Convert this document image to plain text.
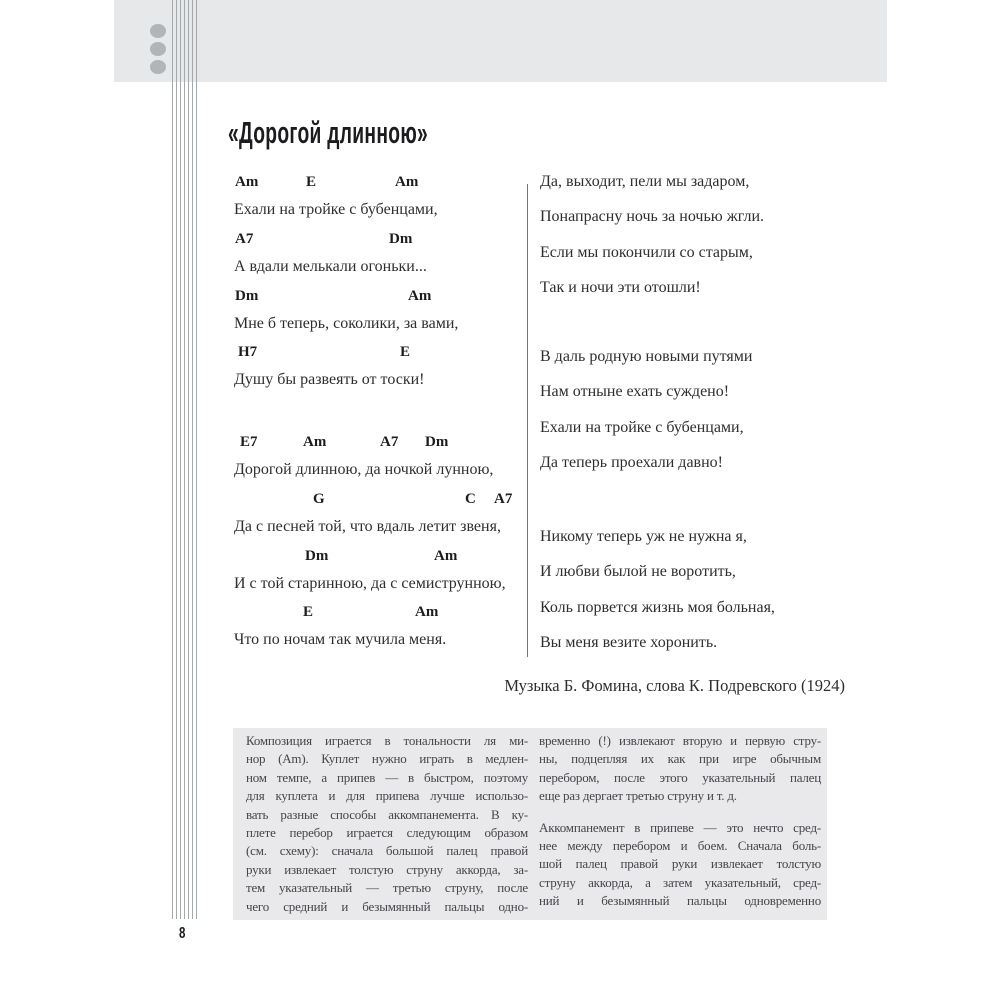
«Дорогой длинною»
Am	E	Am
Ехали на тройке с бубенцами,
A7	Dm
А вдали мелькали огоньки...
Dm	Am
Мне б теперь, соколики, за вами,
H7	E
Душу бы развеять от тоски!
E7	Am	A7 Dm
Дорогой длинною, да ночкой лунною,
G	C A7
Да с песней той, что вдаль летит звеня,
Dm	Am
И с той старинною, да с семиструнною,
E	Am
Что по ночам так мучила меня.
Да, выходит, пели мы задаром,
Понапрасну ночь за ночью жгли.
Если мы покончили со старым,
Так и ночи эти отошли!
В даль родную новыми путями
Нам отныне ехать суждено!
Ехали на тройке с бубенцами,
Да теперь проехали давно!
Никому теперь уж не нужна я,
И любви былой не воротить,
Коль порвется жизнь моя больная,
Вы меня везите хоронить.
Музыка Б. Фомина, слова К. Подревского (1924)
Композиция играется в тональности ля ми-
нор (Am). Куплет нужно играть в медлен-
ном темпе, а припев — в быстром, поэтому
для куплета и для припева лучше использо-
вать разные способы аккомпанемента. В ку-
плете перебор играется следующим образом
(см. схему): сначала большой палец правой
руки извлекает толстую струну аккорда, за-
тем указательный — третью струну, после
чего средний и безымянный пальцы одно-
временно (!) извлекают вторую и первую стру-
ны, подцепляя их как при игре обычным
перебором, после этого указательный палец
еще раз дергает третью струну и т. д.
Аккомпанемент в припеве — это нечто сред-
нее между перебором и боем. Сначала боль-
шой палец правой руки извлекает толстую
струну аккорда, а затем указательный, сред-
ний и безымянный пальцы одновременно
8
